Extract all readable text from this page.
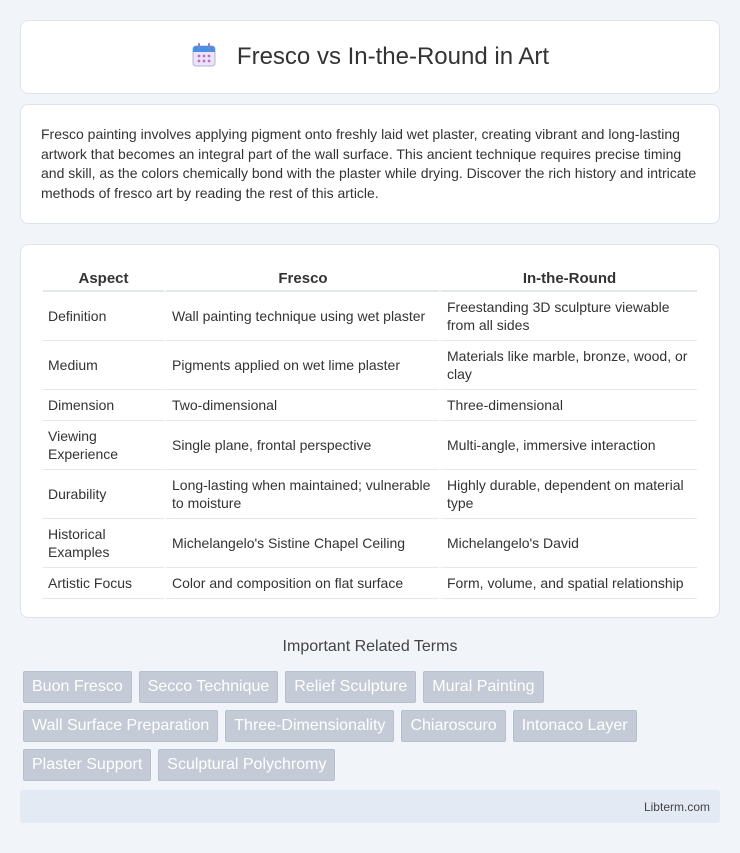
Fresco vs In-the-Round in Art

Fresco painting involves applying pigment onto freshly laid wet plaster, creating vibrant and long-lasting artwork that becomes an integral part of the wall surface. This ancient technique requires precise timing and skill, as the colors chemically bond with the plaster while drying. Discover the rich history and intricate methods of fresco art by reading the rest of this article.

Aspect	Fresco	In-the-Round
Definition	Wall painting technique using wet plaster	Freestanding 3D sculpture viewable from all sides
Medium	Pigments applied on wet lime plaster	Materials like marble, bronze, wood, or clay
Dimension	Two-dimensional	Three-dimensional
Viewing Experience	Single plane, frontal perspective	Multi-angle, immersive interaction
Durability	Long-lasting when maintained; vulnerable to moisture	Highly durable, dependent on material type
Historical Examples	Michelangelo's Sistine Chapel Ceiling	Michelangelo's David
Artistic Focus	Color and composition on flat surface	Form, volume, and spatial relationship
Important Related Terms
Buon Fresco	Secco Technique	Relief Sculpture	Mural Painting
Wall Surface Preparation	Three-Dimensionality	Chiaroscuro	Intonaco Layer
Plaster Support	Sculptural Polychromy
Libterm.com
